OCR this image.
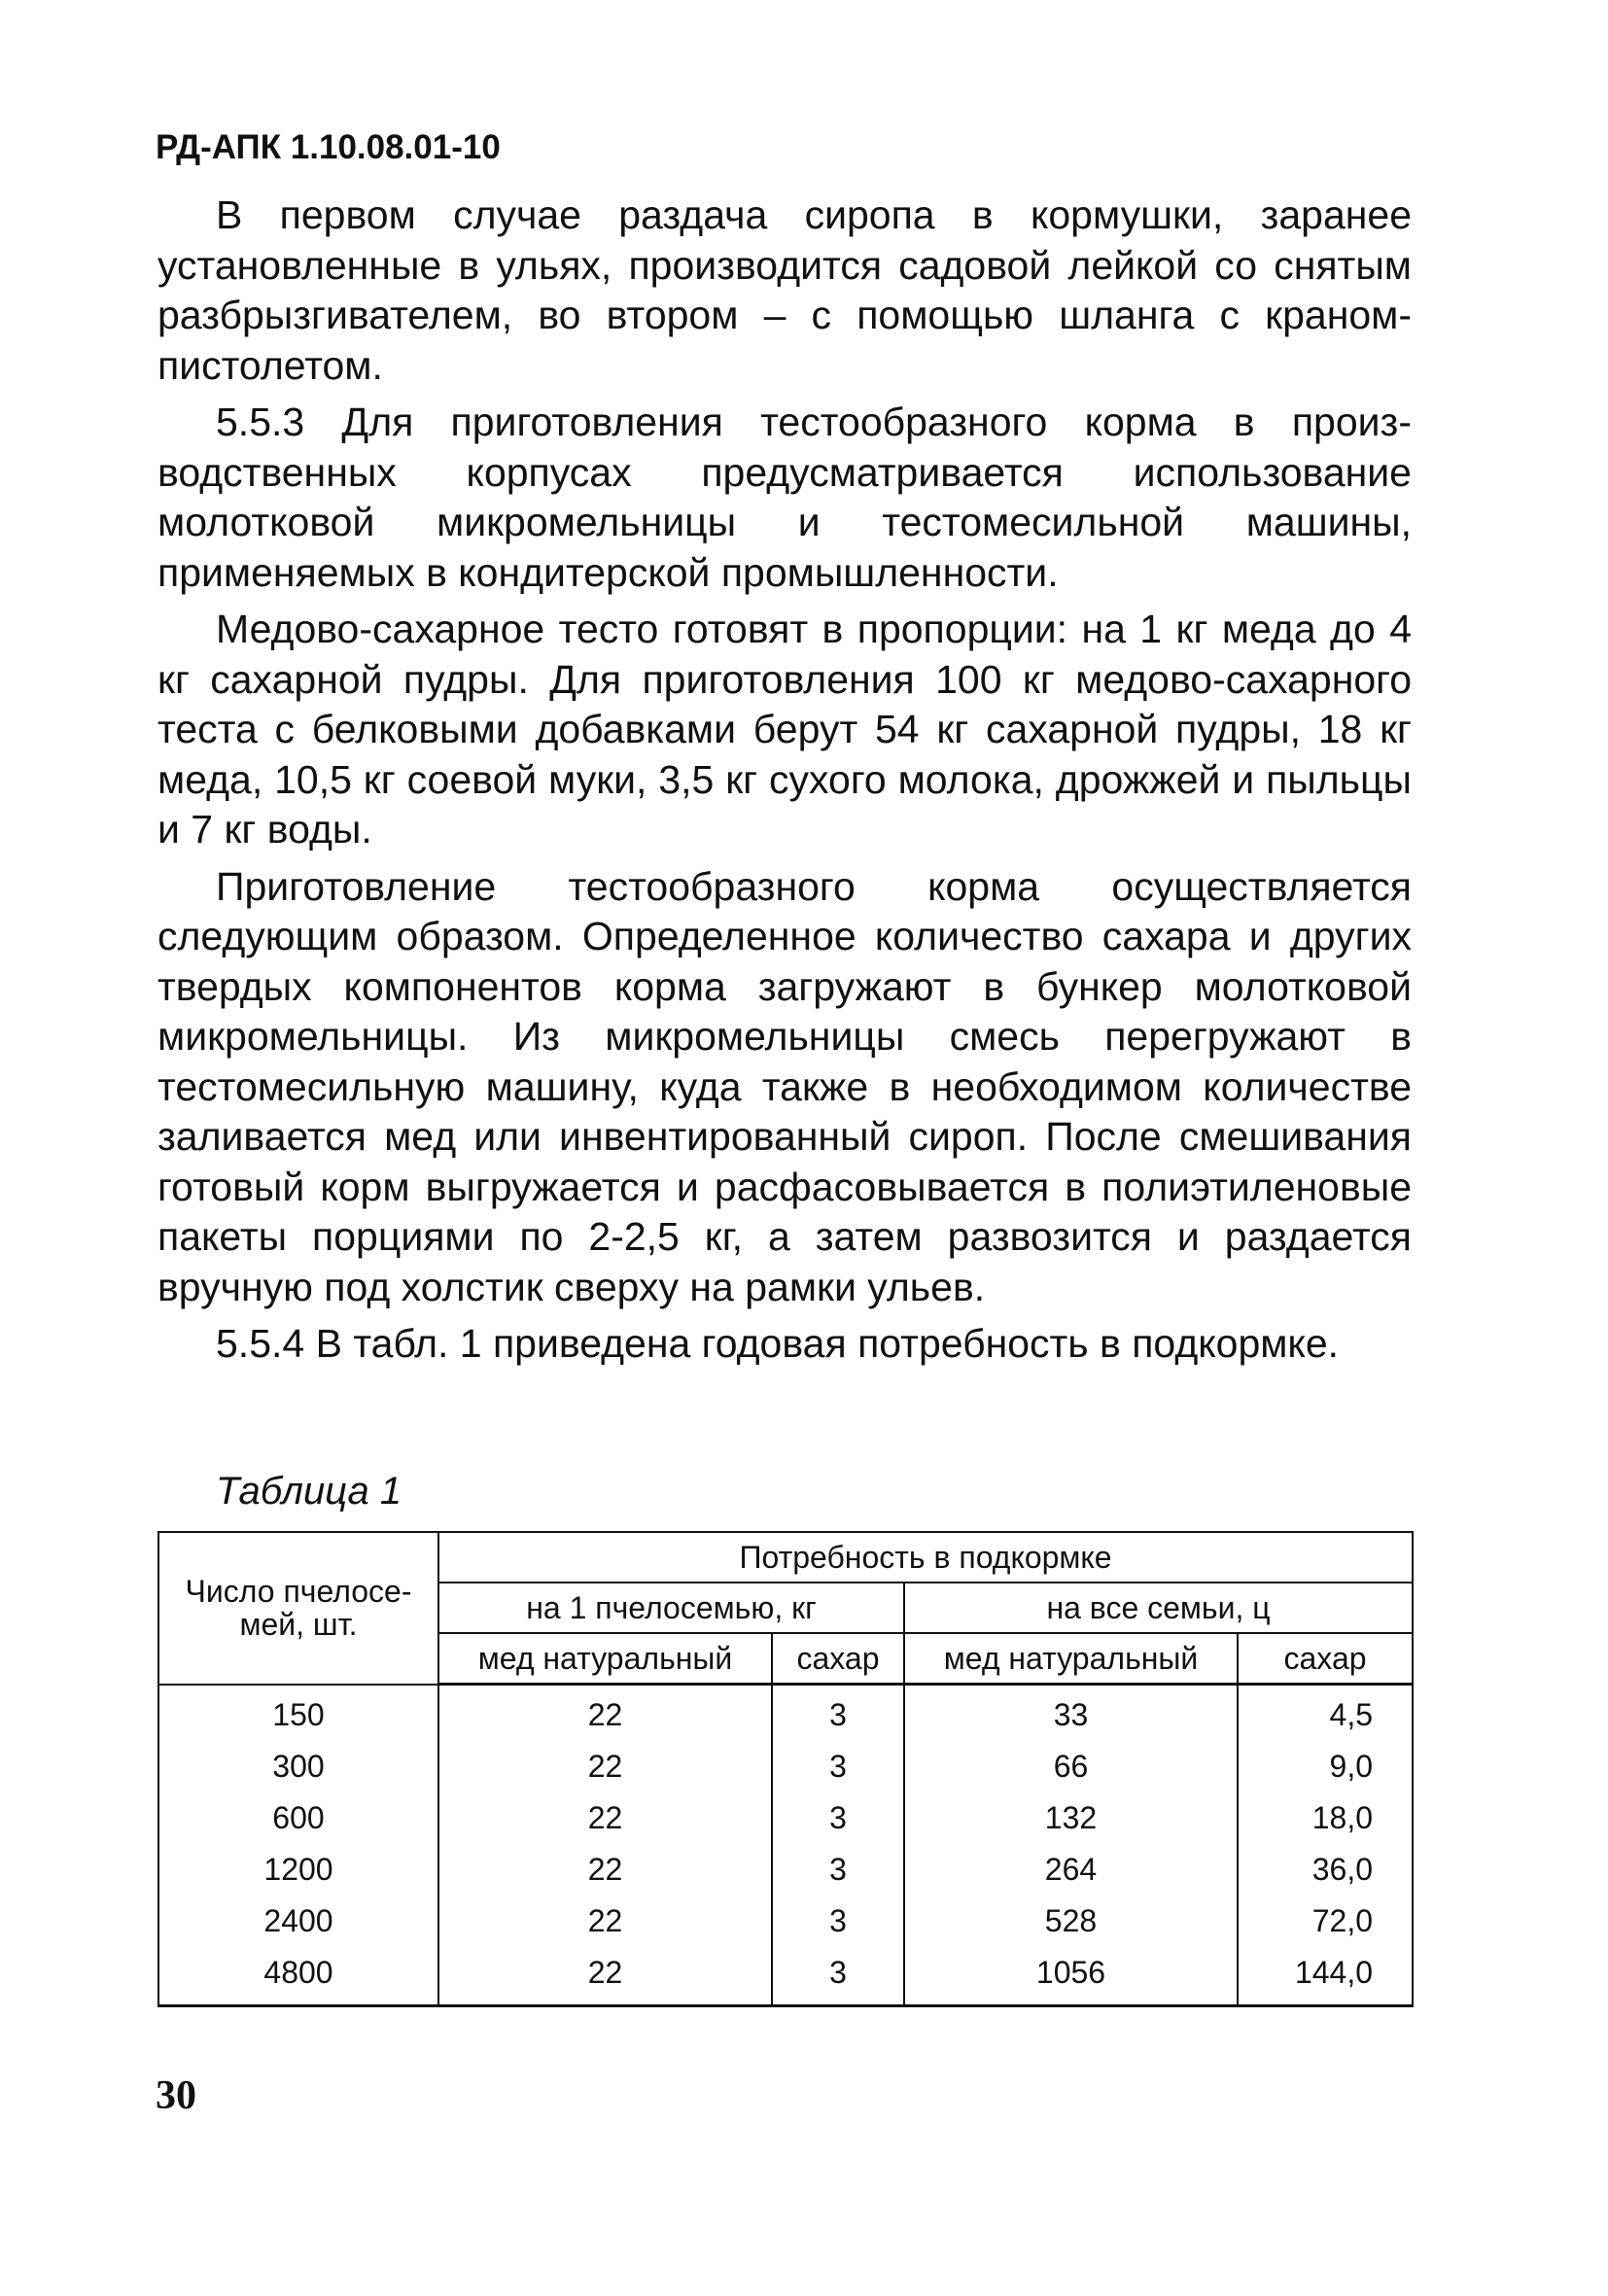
РД-АПК 1.10.08.01-10

В первом случае раздача сиропа в кормушки, заранее установленные в ульях, производится садовой лейкой со снятым разбрызгивателем, во втором – с помощью шланга с краном-пистолетом.

5.5.3 Для приготовления тестообразного корма в производственных корпусах предусматривается использование молотковой микромельницы и тестомесильной машины, применяемых в кондитерской промышленности.

Медово-сахарное тесто готовят в пропорции: на 1 кг меда до 4 кг сахарной пудры. Для приготовления 100 кг медово-сахарного теста с белковыми добавками берут 54 кг сахарной пудры, 18 кг меда, 10,5 кг соевой муки, 3,5 кг сухого молока, дрожжей и пыльцы и 7 кг воды.

Приготовление тестообразного корма осуществляется следующим образом. Определенное количество сахара и других твердых компонентов корма загружают в бункер молотковой микромельницы. Из микромельницы смесь перегружают в тестомесильную машину, куда также в необходимом количестве заливается мед или инвентированный сироп. После смешивания готовый корм выгружается и расфасовывается в полиэтиленовые пакеты порциями по 2-2,5 кг, а затем развозится и раздается вручную под холстик сверху на рамки ульев.

5.5.4 В табл. 1 приведена годовая потребность в подкормке.

Таблица 1
Число пчелосемей, шт.	Потребность в подкормке			
	на 1 пчелосемью, кг		на все семьи, ц	
	мед натуральный	сахар	мед натуральный	сахар
150	22	3	33	4,5
300	22	3	66	9,0
600	22	3	132	18,0
1200	22	3	264	36,0
2400	22	3	528	72,0
4800	22	3	1056	144,0
30
